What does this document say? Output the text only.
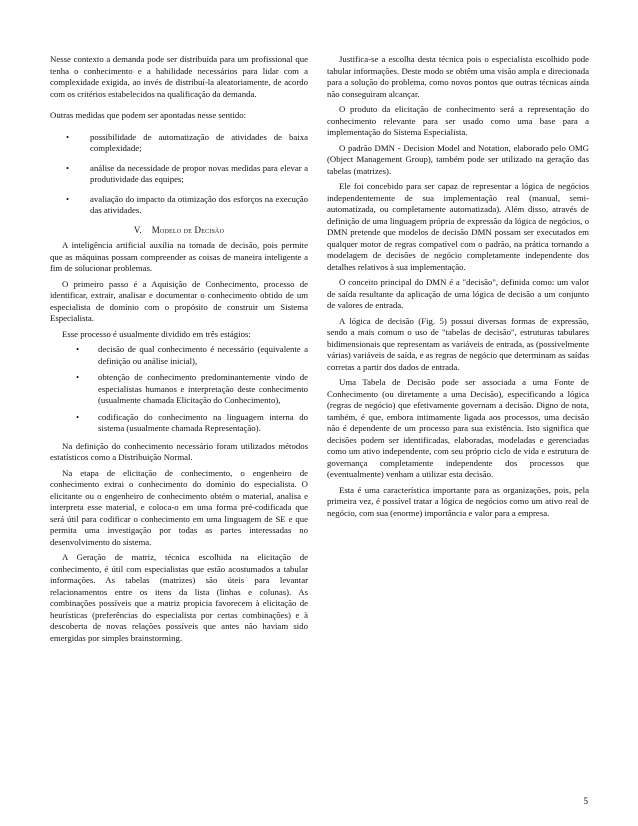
Nesse contexto a demanda pode ser distribuída para um profissional que tenha o conhecimento e a habilidade necessários para lidar com a complexidade exigida, ao invés de distribuí-la aleatoriamente, de acordo com os critérios estabelecidos na qualificação da demanda.

Outras medidas que podem ser apontadas nesse sentido:

• possibilidade de automatização de atividades de baixa complexidade;
• análise da necessidade de propor novas medidas para elevar a produtividade das equipes;
• avaliação do impacto da otimização dos esforços na execução das atividades.
V. Modelo de Decisão

A inteligência artificial auxilia na tomada de decisão, pois permite que as máquinas possam compreender as coisas de maneira inteligente a fim de solucionar problemas.

O primeiro passo é a Aquisição de Conhecimento, processo de identificar, extrair, analisar e documentar o conhecimento obtido de um especialista de domínio com o propósito de construir um Sistema Especialista.

Esse processo é usualmente dividido em três estágios:

• decisão de qual conhecimento é necessário (equivalente a definição ou análise inicial),
• obtenção de conhecimento predominantemente vindo de especialistas humanos e interpretação deste conhecimento (usualmente chamada Elicitação do Conhecimento),
• codificação do conhecimento na linguagem interna do sistema (usualmente chamada Representação).

Na definição do conhecimento necessário foram utilizados métodos estatísticos como a Distribuição Normal.

Na etapa de elicitação de conhecimento, o engenheiro de conhecimento extrai o conhecimento do domínio do especialista. O elicitante ou o engenheiro de conhecimento obtém o material, analisa e interpreta esse material, e coloca-o em uma forma pré-codificada que será útil para codificar o conhecimento em uma linguagem de SE e que permita uma investigação por todas as partes interessadas no desenvolvimento do sistema.

A Geração de matriz, técnica escolhida na elicitação de conhecimento, é útil com especialistas que estão acostumados a tabular informações. As tabelas (matrizes) são úteis para levantar relacionamentos entre os itens da lista (linhas e colunas). As combinações possíveis que a matriz propicia favorecem à elicitação de heurísticas (preferências do especialista por certas combinações) e à descoberta de novas relações possíveis que antes não haviam sido emergidas por simples brainstorming.

Justifica-se a escolha desta técnica pois o especialista escolhido pode tabular informações. Deste modo se obtêm uma visão ampla e direcionada para a solução do problema, como novos pontos que outras técnicas ainda não conseguiram alcançar.

O produto da elicitação de conhecimento será a representação do conhecimento relevante para ser usado como uma base para a implementação do Sistema Especialista.

O padrão DMN - Decision Model and Notation, elaborado pelo OMG (Object Management Group), também pode ser utilizado na geração das tabelas (matrizes).

Ele foi concebido para ser capaz de representar a lógica de negócios independentemente de sua implementação real (manual, semi-automatizada, ou completamente automatizada). Além disso, através de definição de uma linguagem própria de expressão da lógica de negócios, o DMN pretende que modelos de decisão DMN possam ser executados em qualquer motor de regras compatível com o padrão, na prática tornando a modelagem de decisões de negócio completamente independente dos detalhes relativos à sua implementação.

O conceito principal do DMN é a "decisão", definida como: um valor de saída resultante da aplicação de uma lógica de decisão a um conjunto de valores de entrada.

A lógica de decisão (Fig. 5) possui diversas formas de expressão, sendo a mais comum o uso de "tabelas de decisão", estruturas tabulares bidimensionais que representam as variáveis de entrada, as (possivelmente várias) variáveis de saída, e as regras de negócio que determinam as saídas corretas a partir dos dados de entrada.

Uma Tabela de Decisão pode ser associada a uma Fonte de Conhecimento (ou diretamente a uma Decisão), especificando a lógica (regras de negócio) que efetivamente governam a decisão. Digno de nota, também, é que, embora intimamente ligada aos processos, uma decisão não é dependente de um processo para sua existência. Isto significa que decisões podem ser identificadas, elaboradas, modeladas e gerenciadas como um ativo independente, com seu próprio ciclo de vida e estrutura de governança completamente independente dos processos que (eventualmente) venham a utilizar esta decisão.

Esta é uma característica importante para as organizações, pois, pela primeira vez, é possível tratar a lógica de negócios como um ativo real de negócio, com sua (enorme) importância e valor para a empresa.

5
